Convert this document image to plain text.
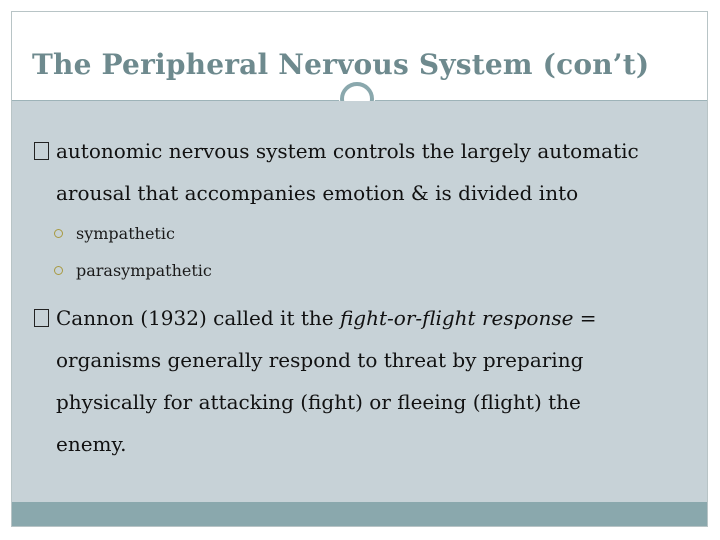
The Peripheral Nervous System (con’t)
autonomic nervous system controls the largely automatic
arousal that accompanies emotion & is divided into
sympathetic
parasympathetic
Cannon (1932) called it the fight-or-flight response =
organisms generally respond to threat by preparing
physically for attacking (fight) or fleeing (flight) the
enemy.
